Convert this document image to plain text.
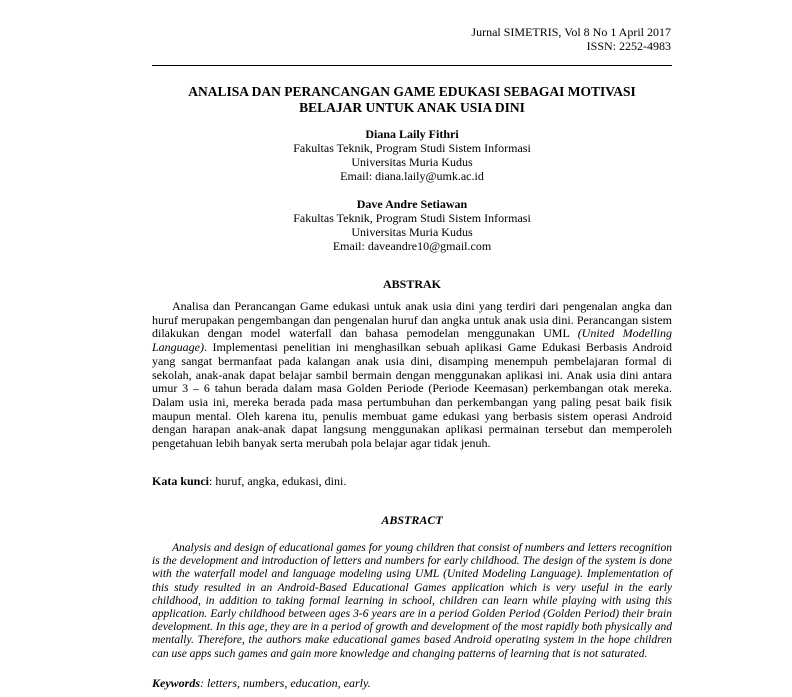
Jurnal SIMETRIS, Vol 8 No 1 April 2017
ISSN: 2252-4983
ANALISA DAN PERANCANGAN GAME EDUKASI SEBAGAI MOTIVASI
BELAJAR UNTUK ANAK USIA DINI
Diana Laily Fithri
Fakultas Teknik, Program Studi Sistem Informasi
Universitas Muria Kudus
Email: diana.laily@umk.ac.id
Dave Andre Setiawan
Fakultas Teknik, Program Studi Sistem Informasi
Universitas Muria Kudus
Email: daveandre10@gmail.com
ABSTRAK

Analisa dan Perancangan Game edukasi untuk anak usia dini yang terdiri dari pengenalan angka dan huruf merupakan pengembangan dan pengenalan huruf dan angka untuk anak usia dini. Perancangan sistem dilakukan dengan model waterfall dan bahasa pemodelan menggunakan UML (United Modelling Language). Implementasi penelitian ini menghasilkan sebuah aplikasi Game Edukasi Berbasis Android yang sangat bermanfaat pada kalangan anak usia dini, disamping menempuh pembelajaran formal di sekolah, anak-anak dapat belajar sambil bermain dengan menggunakan aplikasi ini. Anak usia dini antara umur 3 – 6 tahun berada dalam masa Golden Periode (Periode Keemasan) perkembangan otak mereka. Dalam usia ini, mereka berada pada masa pertumbuhan dan perkembangan yang paling pesat baik fisik maupun mental. Oleh karena itu, penulis membuat game edukasi yang berbasis sistem operasi Android dengan harapan anak-anak dapat langsung menggunakan aplikasi permainan tersebut dan memperoleh pengetahuan lebih banyak serta merubah pola belajar agar tidak jenuh.

Kata kunci: huruf, angka, edukasi, dini.

ABSTRACT

Analysis and design of educational games for young children that consist of numbers and letters recognition is the development and introduction of letters and numbers for early childhood. The design of the system is done with the waterfall model and language modeling using UML (United Modeling Language). Implementation of this study resulted in an Android-Based Educational Games application which is very useful in the early childhood, in addition to taking formal learning in school, children can learn while playing with using this application. Early childhood between ages 3-6 years are in a period Golden Period (Golden Period) their brain development. In this age, they are in a period of growth and development of the most rapidly both physically and mentally. Therefore, the authors make educational games based Android operating system in the hope children can use apps such games and gain more knowledge and changing patterns of learning that is not saturated.

Keywords: letters, numbers, education, early.
